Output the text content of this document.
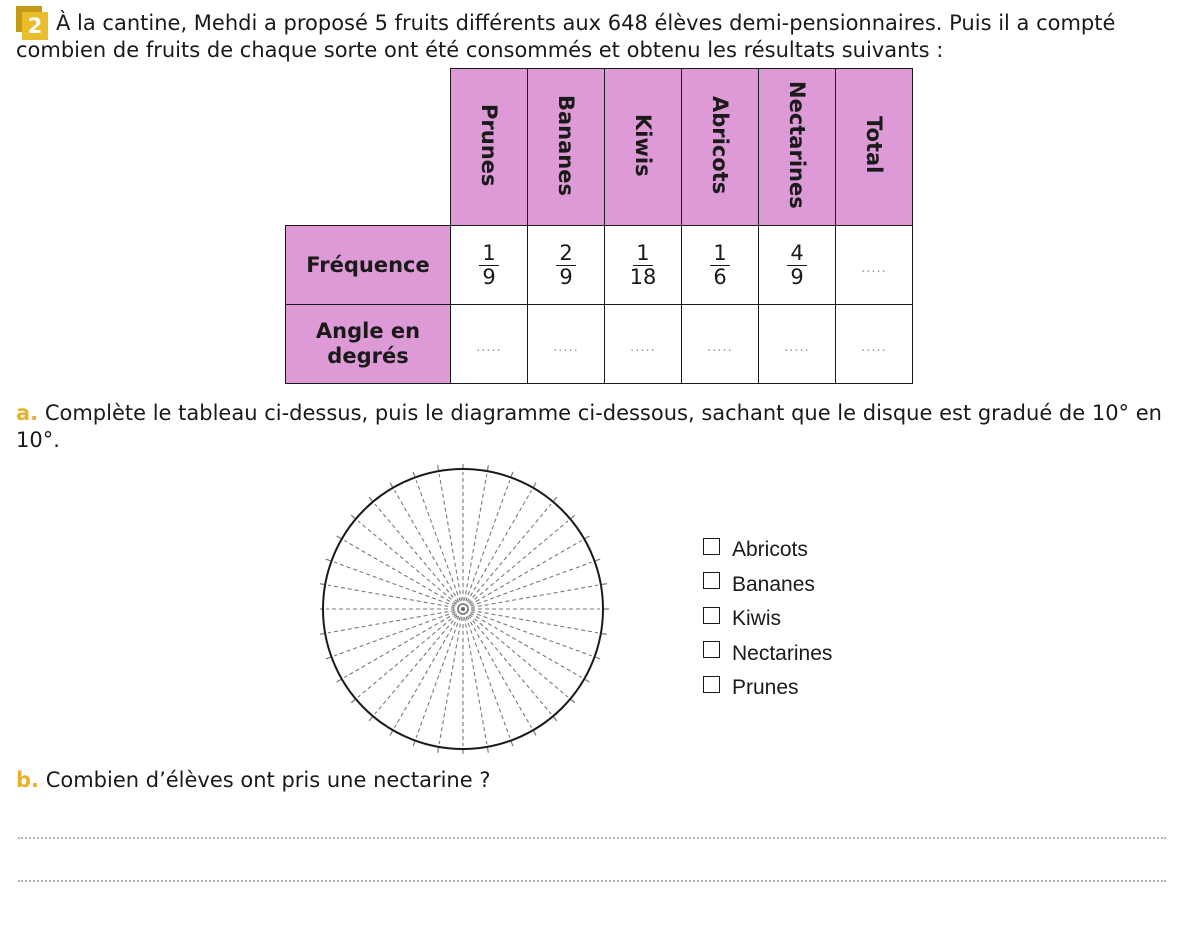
2 À la cantine, Mehdi a proposé 5 fruits différents aux 648 élèves demi-pensionnaires. Puis il a compté combien de fruits de chaque sorte ont été consommés et obtenu les résultats suivants :
	Prunes	Bananes	Kiwis	Abricots	Nectarines	Total
Fréquence	$\frac{1}{9}$	$\frac{2}{9}$	$\frac{1}{18}$	$\frac{1}{6}$	$\frac{4}{9}$	.....
Angle en
degrés	.....	.....	.....	.....	.....	.....
a. Complète le tableau ci-dessus, puis le diagramme ci-dessous, sachant que le disque est gradué de 10° en 10°.
Abricots
Bananes
Kiwis
Nectarines
Prunes
b. Combien d’élèves ont pris une nectarine ?
